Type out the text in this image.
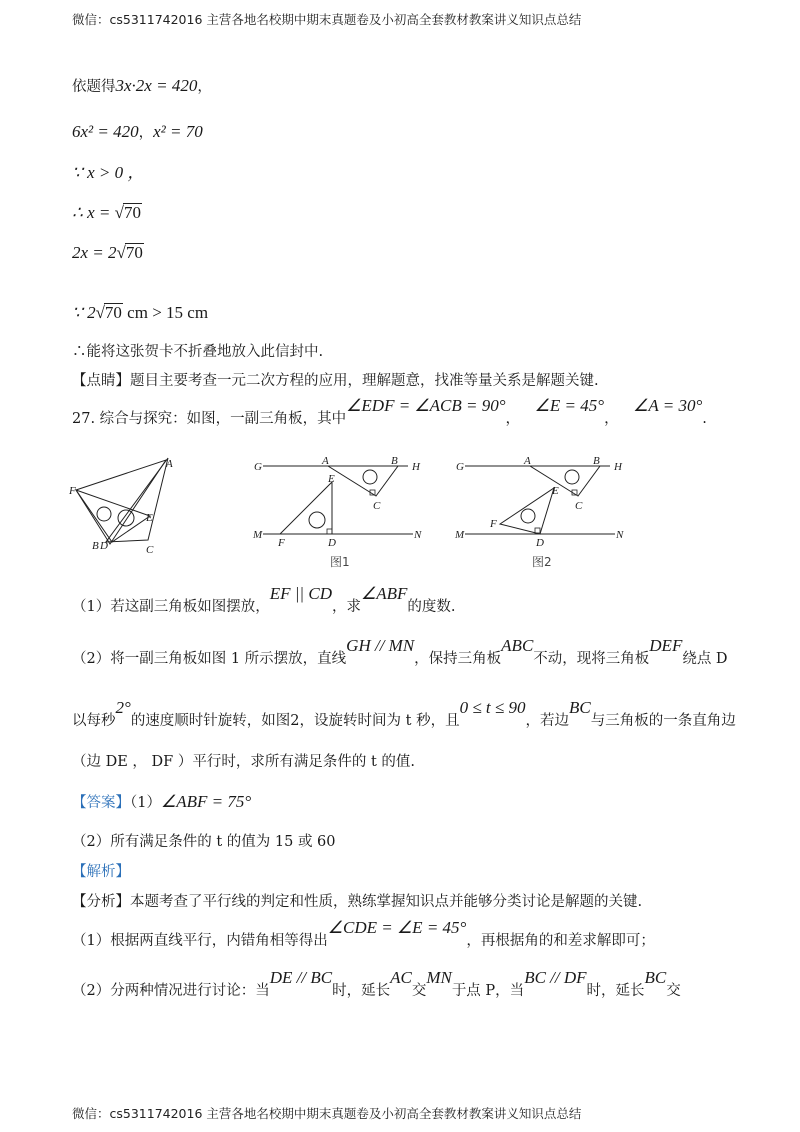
微信：cs5311742016 主营各地名校期中期末真题卷及小初高全套教材教案讲义知识点总结
依题得3x·2x = 420，
6x² = 420，x² = 70
∵ x > 0 ，
∴ x = √70
2x = 2√70
∵ 2√70 cm > 15 cm
∴能将这张贺卡不折叠地放入此信封中.
【点睛】题目主要考查一元二次方程的应用，理解题意，找准等量关系是解题关键.
27. 综合与探究：如图，一副三角板，其中∠EDF = ∠ACB = 90°， ∠E = 45°， ∠A = 30°.
A
F
E
B D	C
G	A	B H
E
C
M
F	D
N
图1
G	A	B H
E
C
F
M
D
N
图2
（1）若这副三角板如图摆放，EF || CD，求∠ABF的度数.
（2）将一副三角板如图 1 所示摆放，直线GH // MN，保持三角板ABC不动，现将三角板DEF绕点 D
以每秒2°的速度顺时针旋转，如图2，设旋转时间为 t 秒，且0 ≤ t ≤ 90，若边BC与三角板的一条直角边
（边 DE ， DF ）平行时，求所有满足条件的 t 的值.
【答案】（1）∠ABF = 75°
（2）所有满足条件的 t 的值为 15 或 60
【解析】
【分析】本题考查了平行线的判定和性质，熟练掌握知识点并能够分类讨论是解题的关键.
（1）根据两直线平行，内错角相等得出∠CDE = ∠E = 45°，再根据角的和差求解即可；
（2）分两种情况进行讨论：当DE // BC时，延长AC交MN于点 P，当BC // DF时，延长BC交
微信：cs5311742016 主营各地名校期中期末真题卷及小初高全套教材教案讲义知识点总结
